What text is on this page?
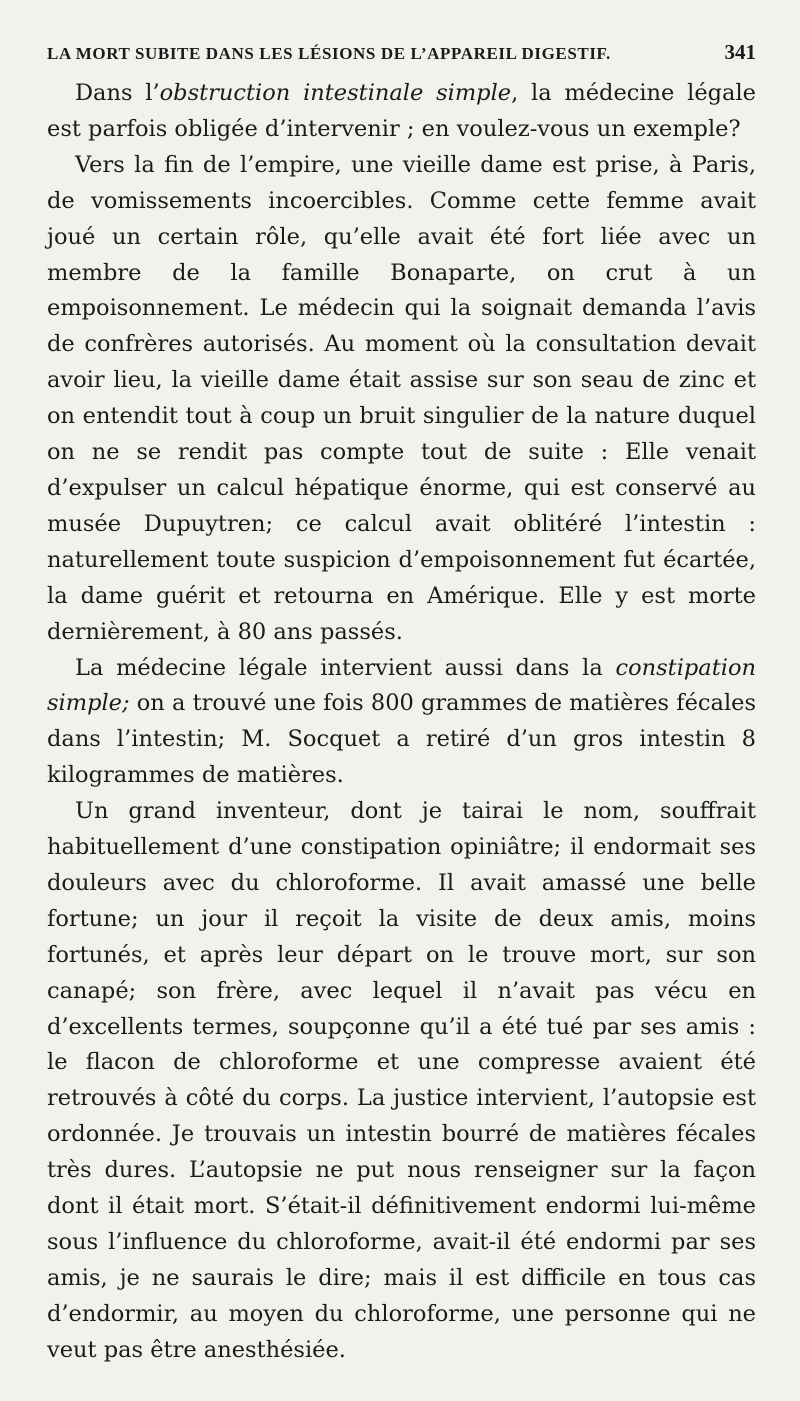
LA MORT SUBITE DANS LES LÉSIONS DE L’APPAREIL DIGESTIF.	341

Dans l’obstruction intestinale simple, la médecine légale est parfois obligée d’intervenir ; en voulez-vous un exemple?

Vers la fin de l’empire, une vieille dame est prise, à Paris, de vomissements incoercibles. Comme cette femme avait joué un certain rôle, qu’elle avait été fort liée avec un membre de la famille Bonaparte, on crut à un empoisonnement. Le médecin qui la soignait demanda l’avis de confrères autorisés. Au moment où la consultation devait avoir lieu, la vieille dame était assise sur son seau de zinc et on entendit tout à coup un bruit singulier de la nature duquel on ne se rendit pas compte tout de suite : Elle venait d’expulser un calcul hépatique énorme, qui est conservé au musée Dupuytren; ce calcul avait oblitéré l’intestin : naturellement toute suspicion d’empoisonnement fut écartée, la dame guérit et retourna en Amérique. Elle y est morte dernièrement, à 80 ans passés.

La médecine légale intervient aussi dans la constipation simple; on a trouvé une fois 800 grammes de matières fécales dans l’intestin; M. Socquet a retiré d’un gros intestin 8 kilogrammes de matières.

Un grand inventeur, dont je tairai le nom, souffrait habituellement d’une constipation opiniâtre; il endormait ses douleurs avec du chloroforme. Il avait amassé une belle fortune; un jour il reçoit la visite de deux amis, moins fortunés, et après leur départ on le trouve mort, sur son canapé; son frère, avec lequel il n’avait pas vécu en d’excellents termes, soupçonne qu’il a été tué par ses amis : le flacon de chloroforme et une compresse avaient été retrouvés à côté du corps. La justice intervient, l’autopsie est ordonnée. Je trouvais un intestin bourré de matières fécales très dures. L’autopsie ne put nous renseigner sur la façon dont il était mort. S’était-il définitivement endormi lui-même sous l’influence du chloroforme, avait-il été endormi par ses amis, je ne saurais le dire; mais il est difficile en tous cas d’endormir, au moyen du chloroforme, une personne qui ne veut pas être anesthésiée.
